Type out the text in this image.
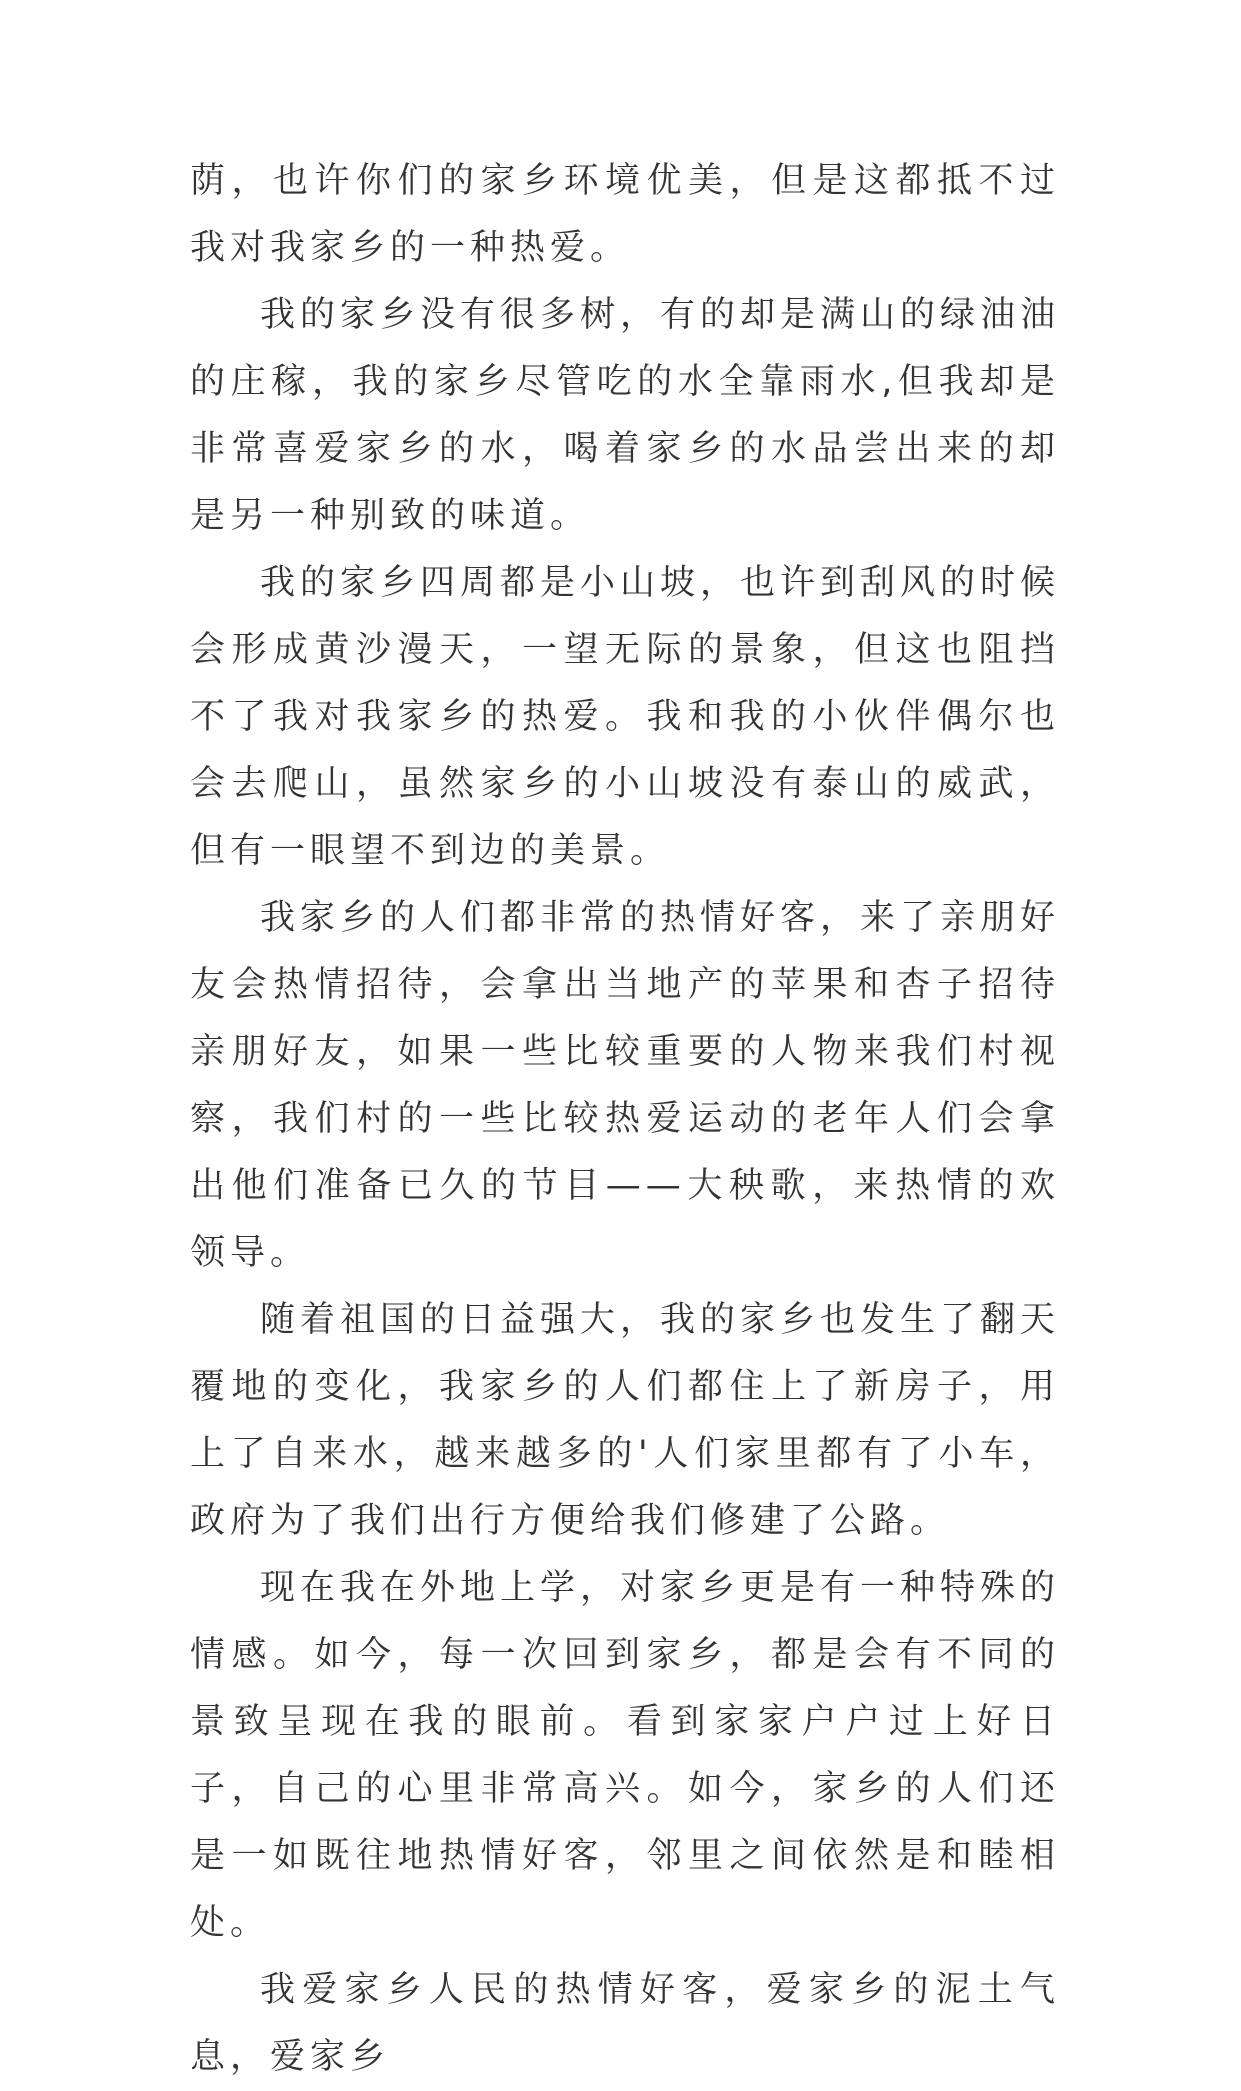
荫，也许你们的家乡环境优美，但是这都抵不过我对我家乡的一种热爱。

我的家乡没有很多树，有的却是满山的绿油油的庄稼，我的家乡尽管吃的水全靠雨水,但我却是非常喜爱家乡的水，喝着家乡的水品尝出来的却是另一种别致的味道。

我的家乡四周都是小山坡，也许到刮风的时候会形成黄沙漫天，一望无际的景象，但这也阻挡不了我对我家乡的热爱。我和我的小伙伴偶尔也会去爬山，虽然家乡的小山坡没有泰山的威武，但有一眼望不到边的美景。

我家乡的人们都非常的热情好客，来了亲朋好友会热情招待，会拿出当地产的苹果和杏子招待亲朋好友，如果一些比较重要的人物来我们村视察，我们村的一些比较热爱运动的老年人们会拿出他们准备已久的节目——大秧歌，来热情的欢领导。

随着祖国的日益强大，我的家乡也发生了翻天覆地的变化，我家乡的人们都住上了新房子，用上了自来水，越来越多的'人们家里都有了小车，政府为了我们出行方便给我们修建了公路。

现在我在外地上学，对家乡更是有一种特殊的情感。如今，每一次回到家乡，都是会有不同的景致呈现在我的眼前。看到家家户户过上好日子，自己的心里非常高兴。如今，家乡的人们还是一如既往地热情好客，邻里之间依然是和睦相处。

我爱家乡人民的热情好客，爱家乡的泥土气息，爱家乡
